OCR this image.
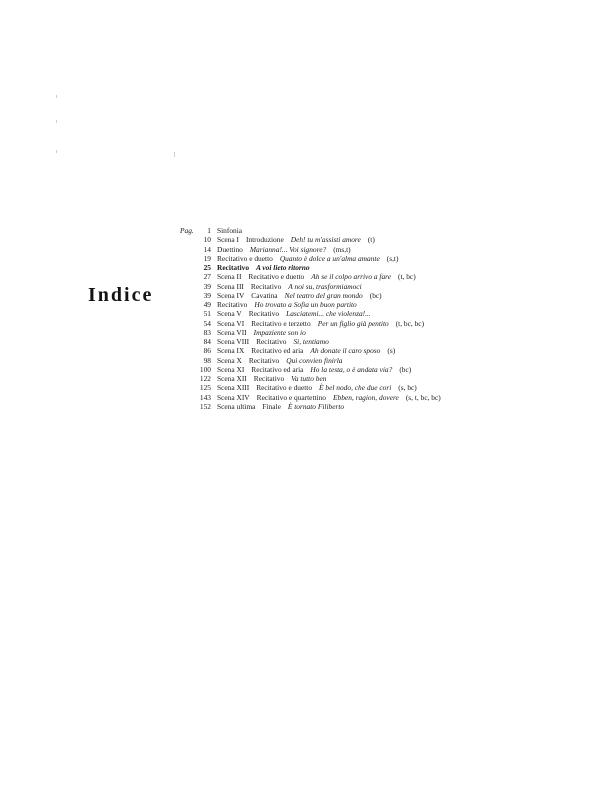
Indice
Pag.	1 Sinfonia
10 Scena I Introduzione Deh! tu m'assisti amore (t)
14 Duettino Marianna!... Voi signore? (ms,t)
19 Recitativo e duetto Quanto è dolce a un'alma amante (s,t)
25 Recitativo A voi lieto ritorno
27 Scena II Recitativo e duetto Ah se il colpo arrivo a fare (t, bc)
39 Scena III Recitativo A noi su, trasformiamoci
39 Scena IV Cavatina Nel teatro del gran mondo (bc)
49 Recitativo Ho trovato a Sofia un buon partito
51 Scena V Recitativo Lasciatemi... che violenza!...
54 Scena VI Recitativo e terzetto Per un figlio già pentito (t, bc, bc)
83 Scena VII Impaziente son io
84 Scena VIII Recitativo Sì, tentiamo
86 Scena IX Recitativo ed aria Ah donate il caro sposo (s)
98 Scena X Recitativo Qui convien finirla
100 Scena XI Recitativo ed aria Ho la testa, o è andata via? (bc)
122 Scena XII Recitativo Va tutto ben
125 Scena XIII Recitativo e duetto È bel nodo, che due cori (s, bc)
143 Scena XIV Recitativo e quartettino Ebben, ragion, dovere (s, t, bc, bc)
152 Scena ultima Finale È tornato Filiberto
